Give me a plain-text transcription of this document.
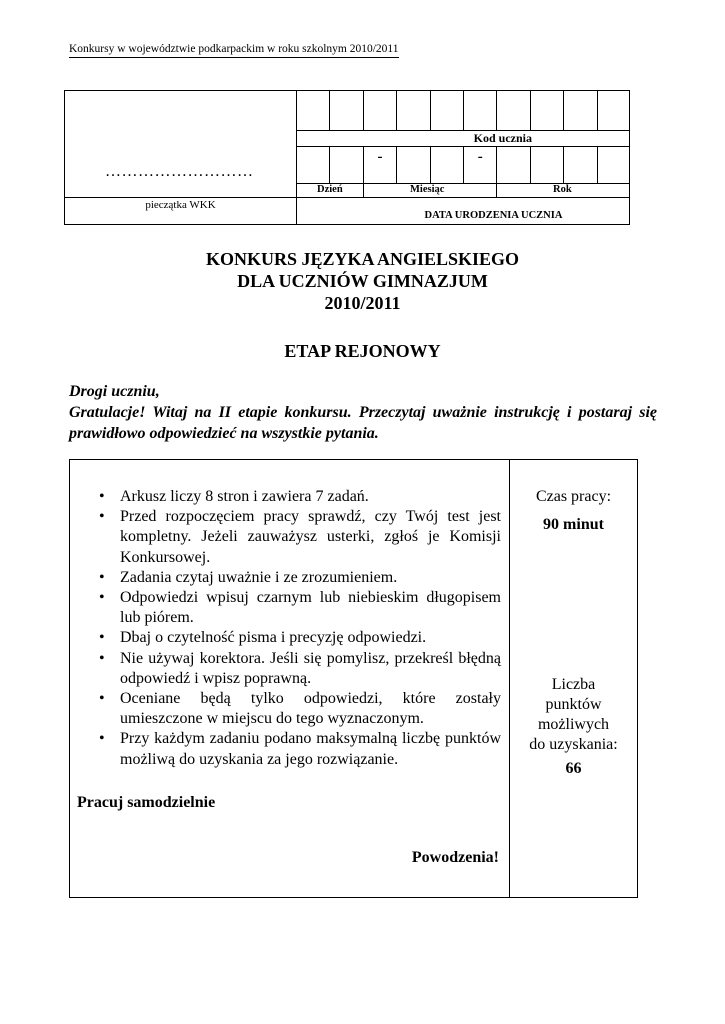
Konkursy w województwie podkarpackim w roku szkolnym 2010/2011
………………………
pieczątka WKK
Kod ucznia
-	-
Dzień	Miesiąc	Rok
DATA URODZENIA UCZNIA
KONKURS JĘZYKA ANGIELSKIEGO
DLA UCZNIÓW GIMNAZJUM
2010/2011
ETAP REJONOWY

Drogi uczniu,

Gratulacje! Witaj na II etapie konkursu. Przeczytaj uważnie instrukcję i postaraj się prawidłowo odpowiedzieć na wszystkie pytania.

• Arkusz liczy 8 stron i zawiera 7 zadań.
• Przed rozpoczęciem pracy sprawdź, czy Twój test jest kompletny. Jeżeli zauważysz usterki, zgłoś je Komisji Konkursowej.
• Zadania czytaj uważnie i ze zrozumieniem.
• Odpowiedzi wpisuj czarnym lub niebieskim długopisem lub piórem.
• Dbaj o czytelność pisma i precyzję odpowiedzi.
• Nie używaj korektora. Jeśli się pomylisz, przekreśl błędną odpowiedź i wpisz poprawną.
• Oceniane będą tylko odpowiedzi, które zostały umieszczone w miejscu do tego wyznaczonym.
• Przy każdym zadaniu podano maksymalną liczbę punktów możliwą do uzyskania za jego rozwiązanie.
Pracuj samodzielnie
Powodzenia!
Czas pracy:
90 minut
Liczba
punktów
możliwych
do uzyskania:
66
